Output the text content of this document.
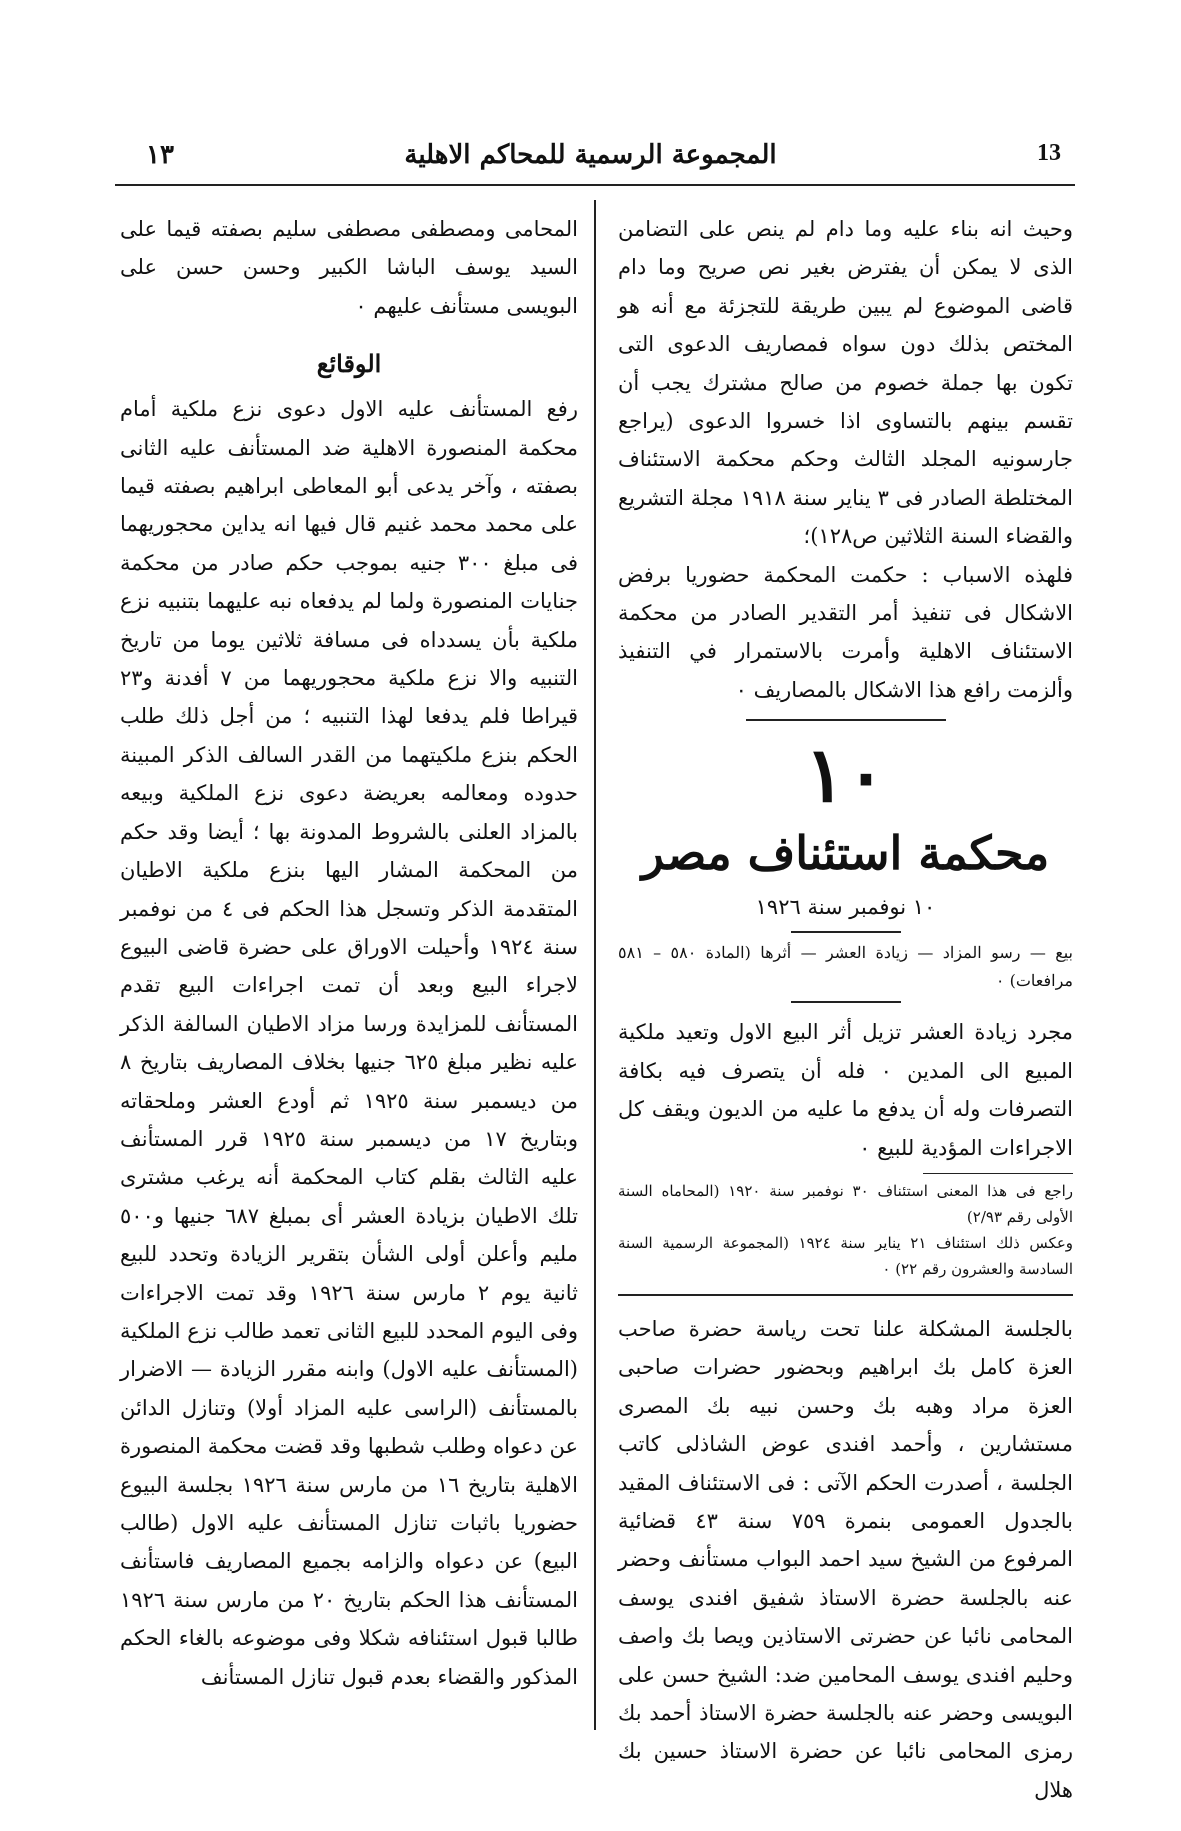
١٣	المجموعة الرسمية للمحاكم الاهلية	13

وحيث انه بناء عليه وما دام لم ينص على التضامن الذى لا يمكن أن يفترض بغير نص صريح وما دام قاضى الموضوع لم يبين طريقة للتجزئة مع أنه هو المختص بذلك دون سواه فمصاريف الدعوى التى تكون بها جملة خصوم من صالح مشترك يجب أن تقسم بينهم بالتساوى اذا خسروا الدعوى (يراجع جارسونيه المجلد الثالث وحكم محكمة الاستئناف المختلطة الصادر فى ٣ يناير سنة ١٩١٨ مجلة التشريع والقضاء السنة الثلاثين ص١٢٨)؛

فلهذه الاسباب : حكمت المحكمة حضوريا برفض الاشكال فى تنفيذ أمر التقدير الصادر من محكمة الاستئناف الاهلية وأمرت بالاستمرار في التنفيذ وألزمت رافع هذا الاشكال بالمصاريف ٠

١٠
محكمة استئناف مصر
١٠ نوفمبر سنة ١٩٢٦

بيع — رسو المزاد — زيادة العشر — أثرها (المادة ٥٨٠ – ٥٨١ مرافعات) ٠

مجرد زيادة العشر تزيل أثر البيع الاول وتعيد ملكية المبيع الى المدين ٠ فله أن يتصرف فيه بكافة التصرفات وله أن يدفع ما عليه من الديون ويقف كل الاجراءات المؤدية للبيع ٠

راجع فى هذا المعنى استئناف ٣٠ نوفمبر سنة ١٩٢٠ (المحاماه السنة الأولى رقم ٢/٩٣)

وعكس ذلك استئناف ٢١ يناير سنة ١٩٢٤ (المجموعة الرسمية السنة السادسة والعشرون رقم ٢٢) ٠

بالجلسة المشكلة علنا تحت رياسة حضرة صاحب العزة كامل بك ابراهيم وبحضور حضرات صاحبى العزة مراد وهبه بك وحسن نبيه بك المصرى مستشارين ، وأحمد افندى عوض الشاذلى كاتب الجلسة ، أصدرت الحكم الآتى : فى الاستئناف المقيد بالجدول العمومى بنمرة ٧٥٩ سنة ٤٣ قضائية المرفوع من الشيخ سيد احمد البواب مستأنف وحضر عنه بالجلسة حضرة الاستاذ شفيق افندى يوسف المحامى نائبا عن حضرتى الاستاذين ويصا بك واصف وحليم افندى يوسف المحامين ضد: الشيخ حسن على البويسى وحضر عنه بالجلسة حضرة الاستاذ أحمد بك رمزى المحامى نائبا عن حضرة الاستاذ حسين بك هلال

المحامى ومصطفى مصطفى سليم بصفته قيما على السيد يوسف الباشا الكبير وحسن حسن على البويسى مستأنف عليهم ٠

الوقائع

رفع المستأنف عليه الاول دعوى نزع ملكية أمام محكمة المنصورة الاهلية ضد المستأنف عليه الثانى بصفته ، وآخر يدعى أبو المعاطى ابراهيم بصفته قيما على محمد محمد غنيم قال فيها انه يداين محجوريهما فى مبلغ ٣٠٠ جنيه بموجب حكم صادر من محكمة جنايات المنصورة ولما لم يدفعاه نبه عليهما بتنبيه نزع ملكية بأن يسدداه فى مسافة ثلاثين يوما من تاريخ التنبيه والا نزع ملكية محجوريهما من ٧ أفدنة و٢٣ قيراطا فلم يدفعا لهذا التنبيه ؛ من أجل ذلك طلب الحكم بنزع ملكيتهما من القدر السالف الذكر المبينة حدوده ومعالمه بعريضة دعوى نزع الملكية وبيعه بالمزاد العلنى بالشروط المدونة بها ؛ أيضا وقد حكم من المحكمة المشار اليها بنزع ملكية الاطيان المتقدمة الذكر وتسجل هذا الحكم فى ٤ من نوفمبر سنة ١٩٢٤ وأحيلت الاوراق على حضرة قاضى البيوع لاجراء البيع وبعد أن تمت اجراءات البيع تقدم المستأنف للمزايدة ورسا مزاد الاطيان السالفة الذكر عليه نظير مبلغ ٦٢٥ جنيها بخلاف المصاريف بتاريخ ٨ من ديسمبر سنة ١٩٢٥ ثم أودع العشر وملحقاته وبتاريخ ١٧ من ديسمبر سنة ١٩٢٥ قرر المستأنف عليه الثالث بقلم كتاب المحكمة أنه يرغب مشترى تلك الاطيان بزيادة العشر أى بمبلغ ٦٨٧ جنيها و٥٠٠ مليم وأعلن أولى الشأن بتقرير الزيادة وتحدد للبيع ثانية يوم ٢ مارس سنة ١٩٢٦ وقد تمت الاجراءات وفى اليوم المحدد للبيع الثانى تعمد طالب نزع الملكية (المستأنف عليه الاول) وابنه مقرر الزيادة — الاضرار بالمستأنف (الراسى عليه المزاد أولا) وتنازل الدائن عن دعواه وطلب شطبها وقد قضت محكمة المنصورة الاهلية بتاريخ ١٦ من مارس سنة ١٩٢٦ بجلسة البيوع حضوريا باثبات تنازل المستأنف عليه الاول (طالب البيع) عن دعواه والزامه بجميع المصاريف فاستأنف المستأنف هذا الحكم بتاريخ ٢٠ من مارس سنة ١٩٢٦ طالبا قبول استئنافه شكلا وفى موضوعه بالغاء الحكم المذكور والقضاء بعدم قبول تنازل المستأنف
